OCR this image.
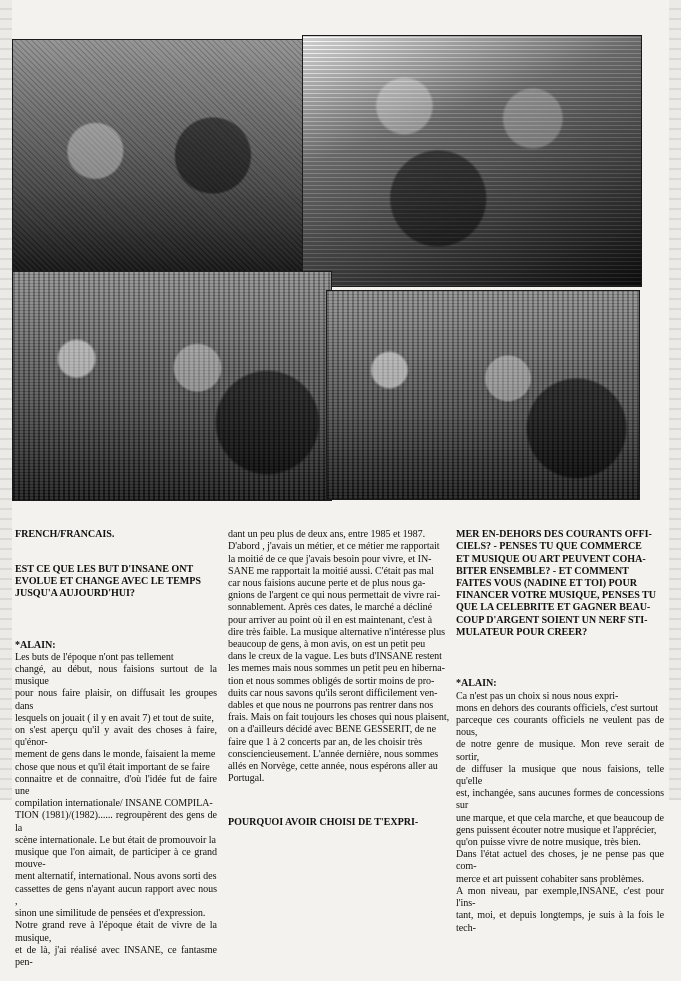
FRENCH/FRANCAIS.

EST CE QUE LES BUT D'INSANE ONT
EVOLUE ET CHANGE AVEC LE TEMPS
JUSQU'A AUJOURD'HUI?

*ALAIN:
Les buts de l'époque n'ont pas tellement
changé, au début, nous faisions surtout de la musique
pour nous faire plaisir, on diffusait les groupes dans
lesquels on jouait ( il y en avait 7) et tout de suite,
on s'est aperçu qu'il y avait des choses à faire, qu'énor-
mement de gens dans le monde, faisaient la meme
chose que nous et qu'il était important de se faire
connaitre et de connaitre, d'où l'idée fut de faire une
compilation internationale/ INSANE COMPILA-
TION (1981)/(1982)...... regroupèrent des gens de la
scène internationale. Le but était de promouvoir la
musique que l'on aimait, de participer à ce grand mouve-
ment alternatif, international. Nous avons sorti des
cassettes de gens n'ayant aucun rapport avec nous ,
sinon une similitude de pensées et d'expression.
Notre grand reve à l'époque était de vivre de la musique,
et de là, j'ai réalisé avec INSANE, ce fantasme pen-

dant un peu plus de deux ans, entre 1985 et 1987.
D'abord , j'avais un métier, et ce métier me rapportait
la moitié de ce que j'avais besoin pour vivre, et IN-
SANE me rapportait la moitié aussi. C'était pas mal
car nous faisions aucune perte et de plus nous ga-
gnions de l'argent ce qui nous permettait de vivre rai-
sonnablement. Après ces dates, le marché a décliné
pour arriver au point où il en est maintenant, c'est à
dire très faible. La musique alternative n'intéresse plus
beaucoup de gens, à mon avis, on est un petit peu
dans le creux de la vague. Les buts d'INSANE restent
les memes mais nous sommes un petit peu en hiberna-
tion et nous sommes obligés de sortir moins de pro-
duits car nous savons qu'ils seront difficilement ven-
dables et que nous ne pourrons pas rentrer dans nos
frais. Mais on fait toujours les choses qui nous plaisent,
on a d'ailleurs décidé avec BENE GESSERIT, de ne
faire que 1 à 2 concerts par an, de les choisir très
consciencieusement. L'année dernière, nous sommes
allés en Norvège, cette année, nous espérons aller au
Portugal.

POURQUOI AVOIR CHOISI DE T'EXPRI-

MER EN-DEHORS DES COURANTS OFFI-
CIELS? - PENSES TU QUE COMMERCE
ET MUSIQUE OU ART PEUVENT COHA-
BITER ENSEMBLE? - ET COMMENT
FAITES VOUS (NADINE ET TOI) POUR
FINANCER VOTRE MUSIQUE, PENSES TU
QUE LA CELEBRITE ET GAGNER BEAU-
COUP D'ARGENT SOIENT UN NERF STI-
MULATEUR POUR CREER?

*ALAIN:
Ca n'est pas un choix si nous nous expri-
mons en dehors des courants officiels, c'est surtout
parceque ces courants officiels ne veulent pas de nous,
de notre genre de musique. Mon reve serait de sortir,
de diffuser la musique que nous faisions, telle qu'elle
est, inchangée, sans aucunes formes de concessions sur
une marque, et que cela marche, et que beaucoup de
gens puissent écouter notre musique et l'apprécier,
qu'on puisse vivre de notre musique, très bien.
Dans l'état actuel des choses, je ne pense pas que com-
merce et art puissent cohabiter sans problèmes.
A mon niveau, par exemple,INSANE, c'est pour l'ins-
tant, moi, et depuis longtemps, je suis à la fois le tech-
